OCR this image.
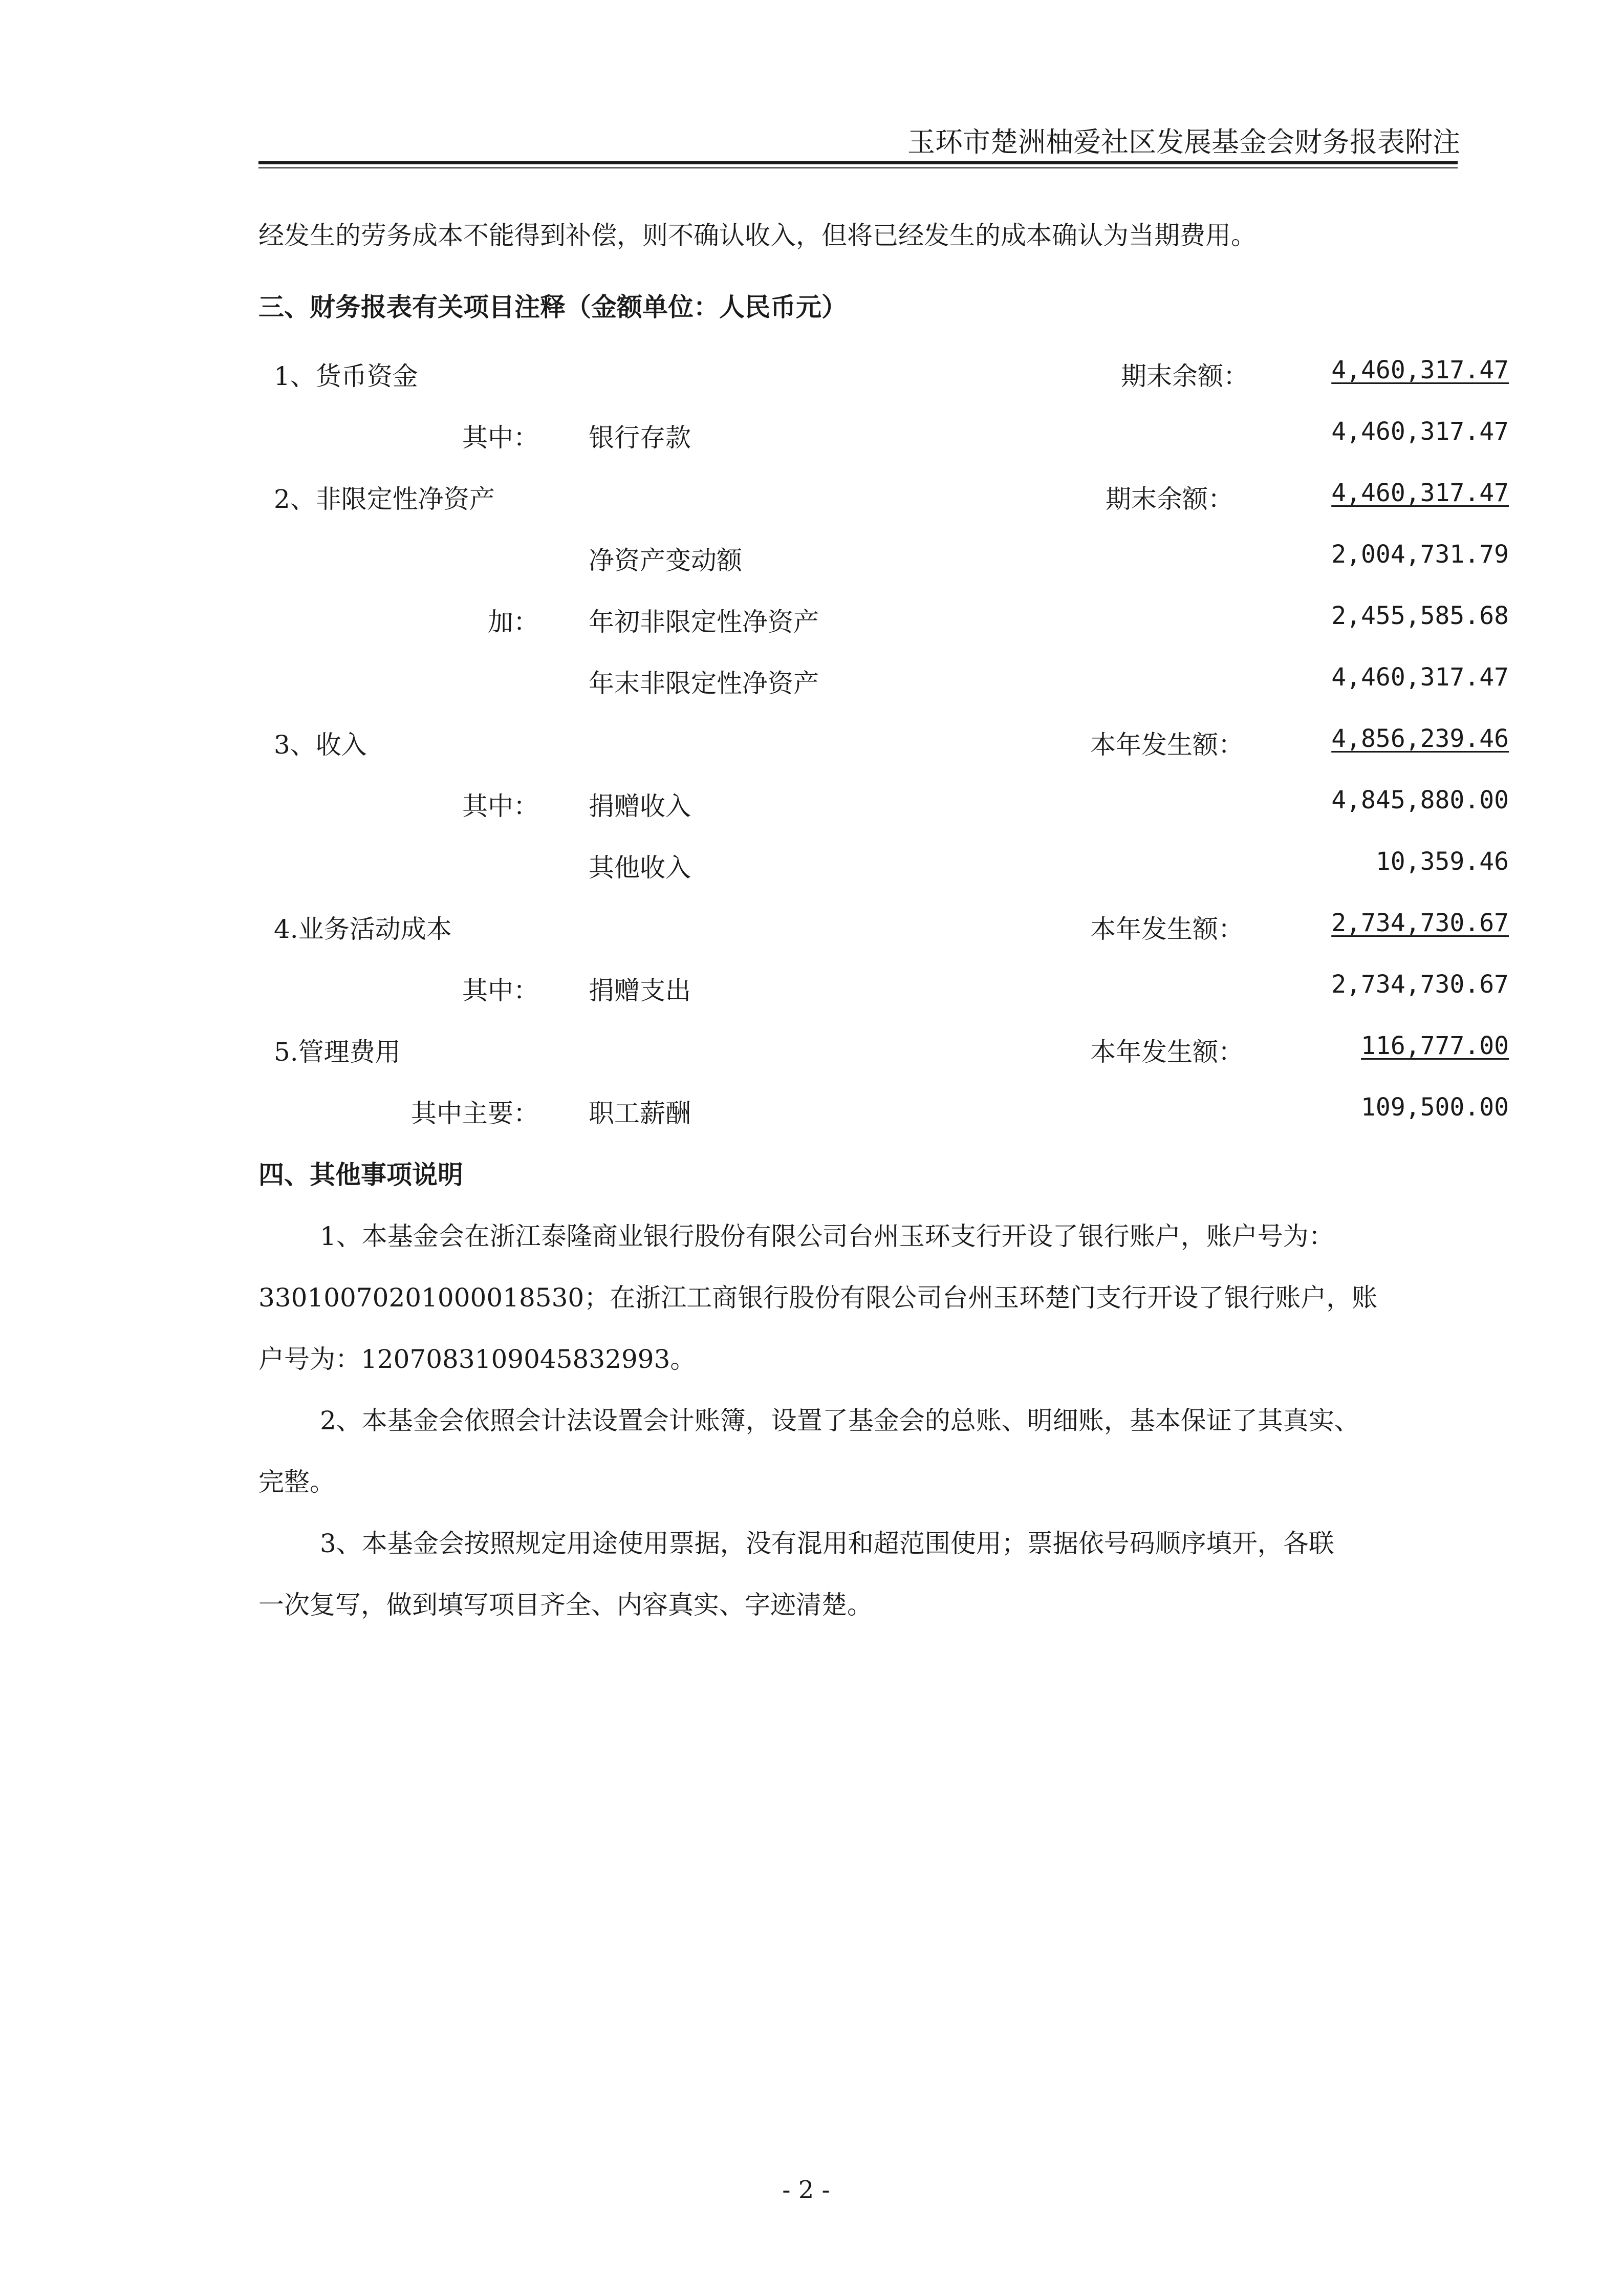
玉环市楚洲柚爱社区发展基金会财务报表附注
经发生的劳务成本不能得到补偿，则不确认收入，但将已经发生的成本确认为当期费用。
三、财务报表有关项目注释（金额单位：人民币元）
1、货币资金	期末余额：	4,460,317.47
其中： 银行存款	4,460,317.47
2、非限定性净资产	期末余额：	4,460,317.47
净资产变动额	2,004,731.79
加： 年初非限定性净资产	2,455,585.68
年末非限定性净资产	4,460,317.47
3、收入	本年发生额：	4,856,239.46
其中： 捐赠收入	4,845,880.00
其他收入	10,359.46
4.业务活动成本	本年发生额：	2,734,730.67
其中： 捐赠支出	2,734,730.67
5.管理费用	本年发生额：	116,777.00
其中主要： 职工薪酬	109,500.00
四、其他事项说明
1、本基金会在浙江泰隆商业银行股份有限公司台州玉环支行开设了银行账户，账户号为：
33010070201000018530；在浙江工商银行股份有限公司台州玉环楚门支行开设了银行账户，账
户号为：1207083109045832993。
2、本基金会依照会计法设置会计账簿，设置了基金会的总账、明细账，基本保证了其真实、
完整。
3、本基金会按照规定用途使用票据，没有混用和超范围使用；票据依号码顺序填开，各联
一次复写，做到填写项目齐全、内容真实、字迹清楚。
- 2 -
